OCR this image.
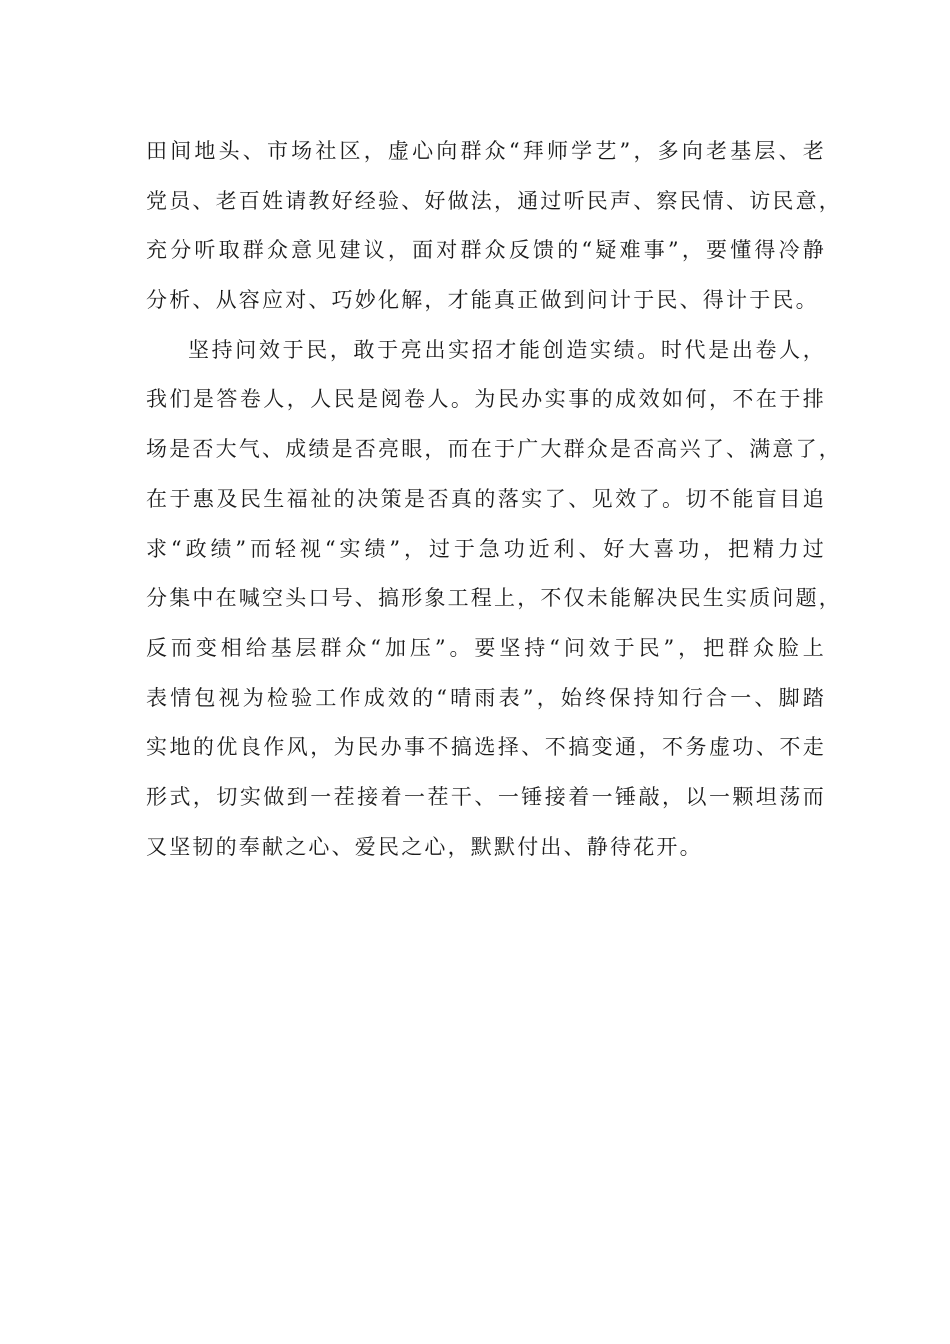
田间地头、市场社区，虚心向群众“拜师学艺”，多向老基层、老
党员、老百姓请教好经验、好做法，通过听民声、察民情、访民意，
充分听取群众意见建议，面对群众反馈的“疑难事”，要懂得冷静
分析、从容应对、巧妙化解，才能真正做到问计于民、得计于民。
坚持问效于民，敢于亮出实招才能创造实绩。时代是出卷人，
我们是答卷人，人民是阅卷人。为民办实事的成效如何，不在于排
场是否大气、成绩是否亮眼，而在于广大群众是否高兴了、满意了，
在于惠及民生福祉的决策是否真的落实了、见效了。切不能盲目追
求“政绩”而轻视“实绩”，过于急功近利、好大喜功，把精力过
分集中在喊空头口号、搞形象工程上，不仅未能解决民生实质问题，
反而变相给基层群众“加压”。要坚持“问效于民”，把群众脸上
表情包视为检验工作成效的“晴雨表”，始终保持知行合一、脚踏
实地的优良作风，为民办事不搞选择、不搞变通，不务虚功、不走
形式，切实做到一茬接着一茬干、一锤接着一锤敲，以一颗坦荡而
又坚韧的奉献之心、爱民之心，默默付出、静待花开。
